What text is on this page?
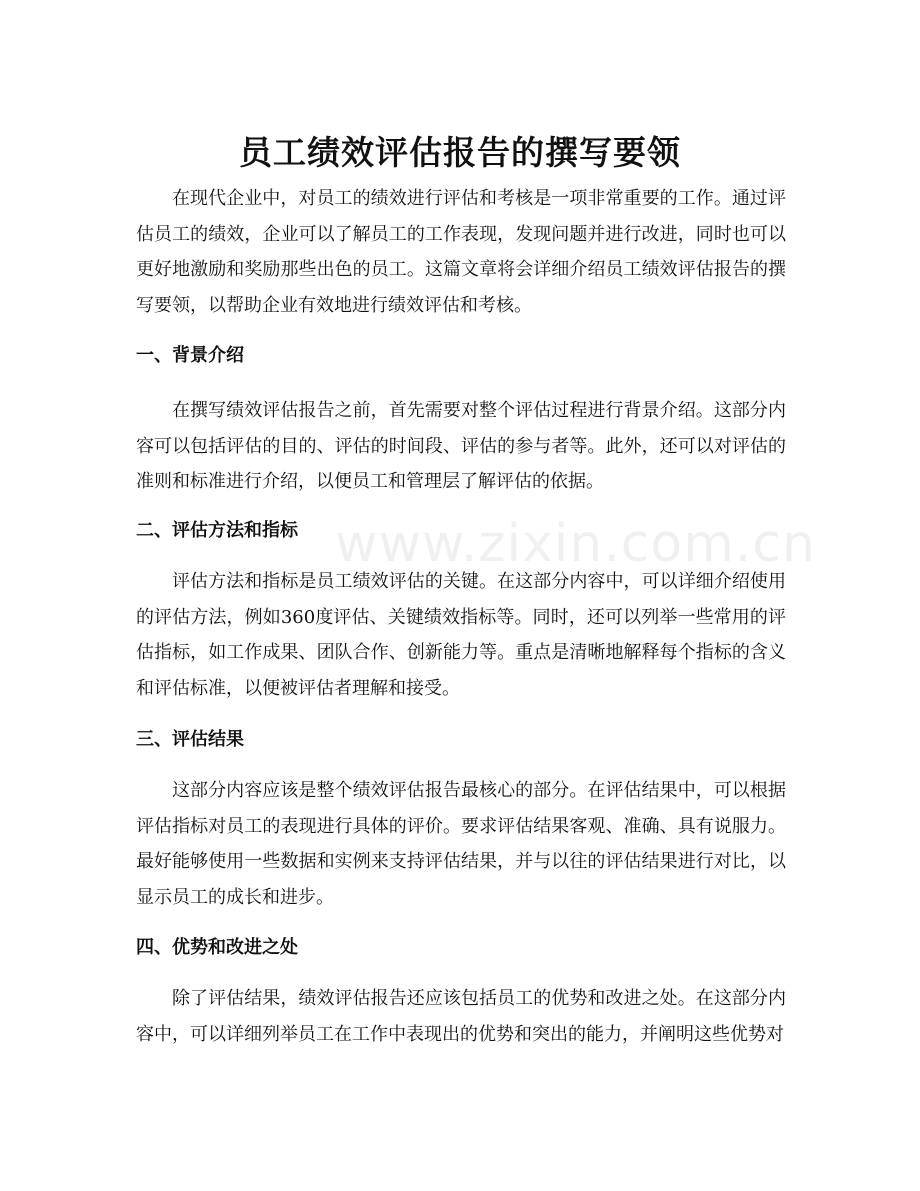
www.zixin.com.cn
员工绩效评估报告的撰写要领

在现代企业中，对员工的绩效进行评估和考核是一项非常重要的工作。通过评估员工的绩效，企业可以了解员工的工作表现，发现问题并进行改进，同时也可以更好地激励和奖励那些出色的员工。这篇文章将会详细介绍员工绩效评估报告的撰写要领，以帮助企业有效地进行绩效评估和考核。

一、背景介绍

在撰写绩效评估报告之前，首先需要对整个评估过程进行背景介绍。这部分内容可以包括评估的目的、评估的时间段、评估的参与者等。此外，还可以对评估的准则和标准进行介绍，以便员工和管理层了解评估的依据。

二、评估方法和指标

评估方法和指标是员工绩效评估的关键。在这部分内容中，可以详细介绍使用的评估方法，例如360度评估、关键绩效指标等。同时，还可以列举一些常用的评估指标，如工作成果、团队合作、创新能力等。重点是清晰地解释每个指标的含义和评估标准，以便被评估者理解和接受。

三、评估结果

这部分内容应该是整个绩效评估报告最核心的部分。在评估结果中，可以根据评估指标对员工的表现进行具体的评价。要求评估结果客观、准确、具有说服力。最好能够使用一些数据和实例来支持评估结果，并与以往的评估结果进行对比，以显示员工的成长和进步。

四、优势和改进之处

除了评估结果，绩效评估报告还应该包括员工的优势和改进之处。在这部分内容中，可以详细列举员工在工作中表现出的优势和突出的能力，并阐明这些优势对
